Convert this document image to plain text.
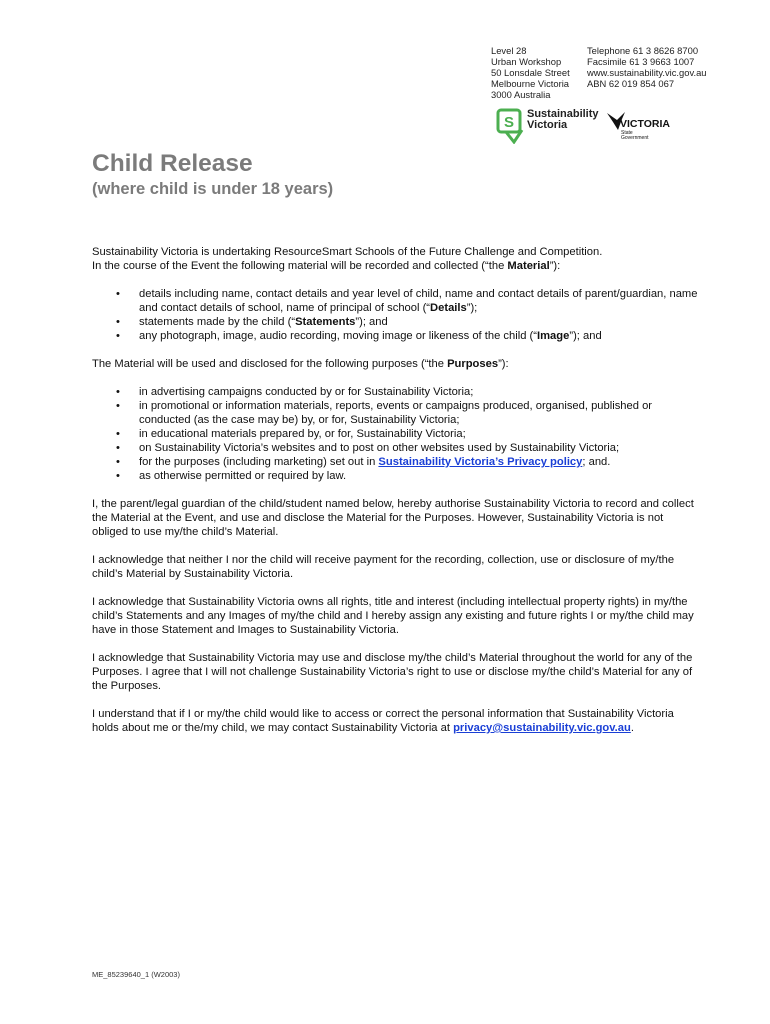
Level 28
Urban Workshop
50 Lonsdale Street
Melbourne Victoria
3000 Australia
Telephone 61 3 8626 8700
Facsimile 61 3 9663 1007
www.sustainability.vic.gov.au
ABN 62 019 854 067
S Sustainability
Victoria	VICTORIA
State
Government
Child Release
(where child is under 18 years)

Sustainability Victoria is undertaking ResourceSmart Schools of the Future Challenge and Competition.
In the course of the Event the following material will be recorded and collected (“the Material”):

• details including name, contact details and year level of child, name and contact details of parent/guardian, name and contact details of school, name of principal of school (“Details”);
• statements made by the child (“Statements”); and
• any photograph, image, audio recording, moving image or likeness of the child (“Image”); and

The Material will be used and disclosed for the following purposes (“the Purposes”):

• in advertising campaigns conducted by or for Sustainability Victoria;
• in promotional or information materials, reports, events or campaigns produced, organised, published or conducted (as the case may be) by, or for, Sustainability Victoria;
• in educational materials prepared by, or for, Sustainability Victoria;
• on Sustainability Victoria’s websites and to post on other websites used by Sustainability Victoria;
• for the purposes (including marketing) set out in Sustainability Victoria’s Privacy policy; and.
• as otherwise permitted or required by law.

I, the parent/legal guardian of the child/student named below, hereby authorise Sustainability Victoria to record and collect the Material at the Event, and use and disclose the Material for the Purposes. However, Sustainability Victoria is not obliged to use my/the child’s Material.

I acknowledge that neither I nor the child will receive payment for the recording, collection, use or disclosure of my/the child’s Material by Sustainability Victoria.

I acknowledge that Sustainability Victoria owns all rights, title and interest (including intellectual property rights) in my/the child’s Statements and any Images of my/the child and I hereby assign any existing and future rights I or my/the child may have in those Statement and Images to Sustainability Victoria.

I acknowledge that Sustainability Victoria may use and disclose my/the child’s Material throughout the world for any of the Purposes. I agree that I will not challenge Sustainability Victoria’s right to use or disclose my/the child’s Material for any of the Purposes.

I understand that if I or my/the child would like to access or correct the personal information that Sustainability Victoria holds about me or the/my child, we may contact Sustainability Victoria at privacy@sustainability.vic.gov.au.

ME_85239640_1 (W2003)
